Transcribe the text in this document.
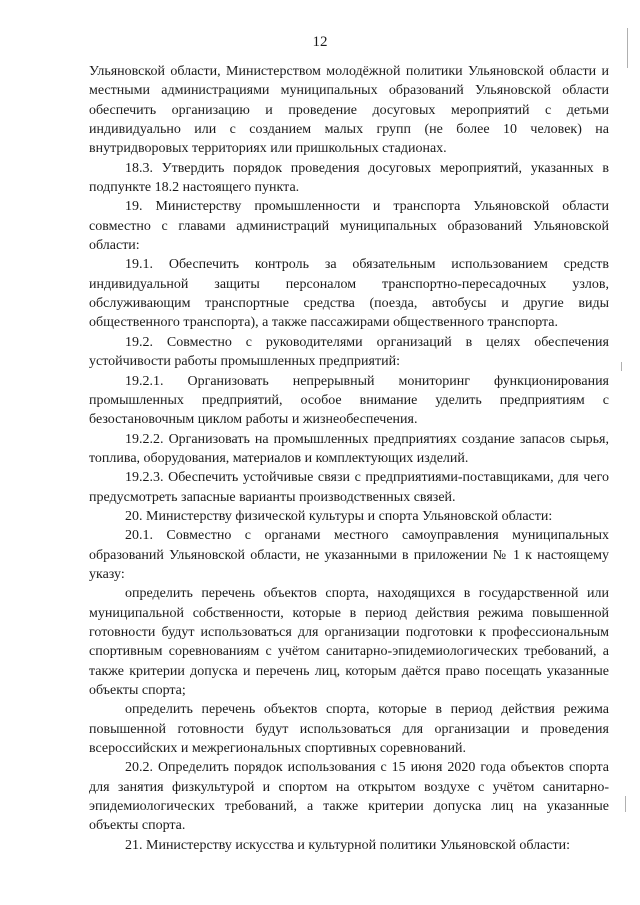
12

Ульяновской области, Министерством молодёжной политики Ульяновской области и местными администрациями муниципальных образований Ульяновской области обеспечить организацию и проведение досуговых мероприятий с детьми индивидуально или с созданием малых групп (не более 10 человек) на внутридворовых территориях или пришкольных стадионах.

18.3. Утвердить порядок проведения досуговых мероприятий, указанных в подпункте 18.2 настоящего пункта.

19. Министерству промышленности и транспорта Ульяновской области совместно с главами администраций муниципальных образований Ульяновской области:

19.1. Обеспечить контроль за обязательным использованием средств индивидуальной защиты персоналом транспортно-пересадочных узлов, обслуживающим транспортные средства (поезда, автобусы и другие виды общественного транспорта), а также пассажирами общественного транспорта.

19.2. Совместно с руководителями организаций в целях обеспечения устойчивости работы промышленных предприятий:

19.2.1. Организовать непрерывный мониторинг функционирования промышленных предприятий, особое внимание уделить предприятиям с безостановочным циклом работы и жизнеобеспечения.

19.2.2. Организовать на промышленных предприятиях создание запасов сырья, топлива, оборудования, материалов и комплектующих изделий.

19.2.3. Обеспечить устойчивые связи с предприятиями-поставщиками, для чего предусмотреть запасные варианты производственных связей.

20. Министерству физической культуры и спорта Ульяновской области:

20.1. Совместно с органами местного самоуправления муниципальных образований Ульяновской области, не указанными в приложении № 1 к настоящему указу:

определить перечень объектов спорта, находящихся в государственной или муниципальной собственности, которые в период действия режима повышенной готовности будут использоваться для организации подготовки к профессиональным спортивным соревнованиям с учётом санитарно-эпидемиологических требований, а также критерии допуска и перечень лиц, которым даётся право посещать указанные объекты спорта;

определить перечень объектов спорта, которые в период действия режима повышенной готовности будут использоваться для организации и проведения всероссийских и межрегиональных спортивных соревнований.

20.2. Определить порядок использования с 15 июня 2020 года объектов спорта для занятия физкультурой и спортом на открытом воздухе с учётом санитарно-эпидемиологических требований, а также критерии допуска лиц на указанные объекты спорта.

21. Министерству искусства и культурной политики Ульяновской области:
